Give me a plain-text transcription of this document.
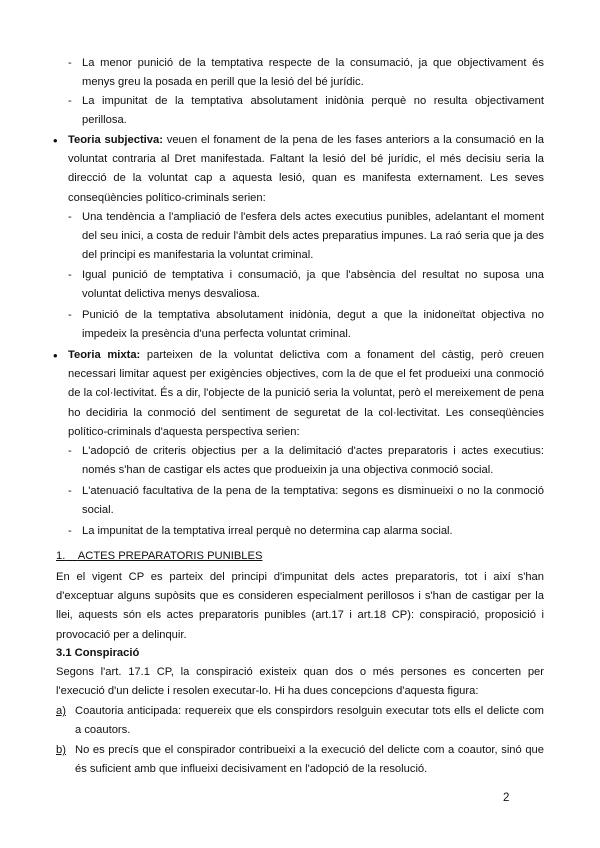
- La menor punició de la temptativa respecte de la consumació, ja que objectivament és menys greu la posada en perill que la lesió del bé jurídic.
- La impunitat de la temptativa absolutament inidònia perquè no resulta objectivament perillosa.
• Teoria subjectiva: veuen el fonament de la pena de les fases anteriors a la consumació en la voluntat contraria al Dret manifestada. Faltant la lesió del bé jurídic, el més decisiu seria la direcció de la voluntat cap a aquesta lesió, quan es manifesta externament. Les seves conseqüències político-criminals serien:
- Una tendència a l'ampliació de l'esfera dels actes executius punibles, adelantant el moment del seu inici, a costa de reduir l'àmbit dels actes preparatius impunes. La raó seria que ja des del principi es manifestaria la voluntat criminal.
- Igual punició de temptativa i consumació, ja que l'absència del resultat no suposa una voluntat delictiva menys desvaliosa.
- Punició de la temptativa absolutament inidònia, degut a que la inidoneïtat objectiva no impedeix la presència d'una perfecta voluntat criminal.
• Teoria mixta: parteixen de la voluntat delictiva com a fonament del càstig, però creuen necessari limitar aquest per exigències objectives, com la de que el fet produeixi una conmoció de la col·lectivitat. És a dir, l'objecte de la punició seria la voluntat, però el mereixement de pena ho decidiria la conmoció del sentiment de seguretat de la col·lectivitat. Les conseqüències político-criminals d'aquesta perspectiva serien:
- L'adopció de criteris objectius per a la delimitació d'actes preparatoris i actes executius: només s'han de castigar els actes que produeixin ja una objectiva conmoció social.
- L'atenuació facultativa de la pena de la temptativa: segons es disminueixi o no la conmoció social.
- La impunitat de la temptativa irreal perquè no determina cap alarma social.
1. ACTES PREPARATORIS PUNIBLES
En el vigent CP es parteix del principi d'impunitat dels actes preparatoris, tot i així s'han d'exceptuar alguns supòsits que es consideren especialment perillosos i s'han de castigar per la llei, aquests són els actes preparatoris punibles (art.17 i art.18 CP): conspiració, proposició i provocació per a delinquir.
3.1 Conspiració
Segons l'art. 17.1 CP, la conspiració existeix quan dos o més persones es concerten per l'execució d'un delicte i resolen executar-lo. Hi ha dues concepcions d'aquesta figura:
a) Coautoria anticipada: requereix que els conspirdors resolguin executar tots ells el delicte com a coautors.
b) No es precís que el conspirador contribueixi a la execució del delicte com a coautor, sinó que és suficient amb que influeixi decisivament en l'adopció de la resolució.
2
